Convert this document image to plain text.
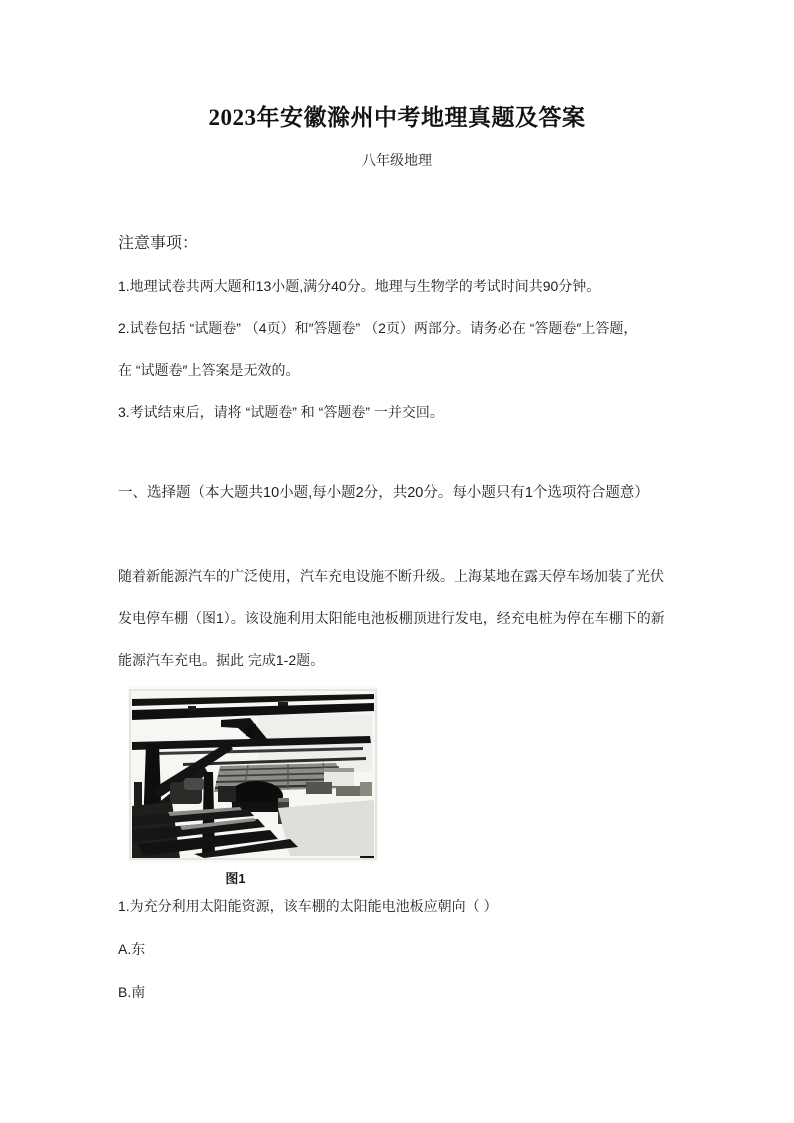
2023年安徽滁州中考地理真题及答案
八年级地理
注意事项：
1.地理试卷共两大题和13小题,满分40分。地理与生物学的考试时间共90分钟。
2.试卷包括 “试题卷” （4页）和″答题卷” （2页）两部分。请务必在 “答题卷″上答题，
在 “试题卷″上答案是无效的。
3.考试结束后，请将 “试题卷” 和 “答题卷” 一并交回。
一、选择题（本大题共10小题,每小题2分，共20分。每小题只有1个选项符合题意）
随着新能源汽车的广泛使用，汽车充电设施不断升级。上海某地在露天停车场加装了光伏
发电停车棚（图1）。该设施利用太阳能电池板棚顶进行发电，经充电桩为停在车棚下的新
能源汽车充电。据此 完成1-2题。
图1
1.为充分利用太阳能资源，该车棚的太阳能电池板应朝向（ ）
A.东
B.南
